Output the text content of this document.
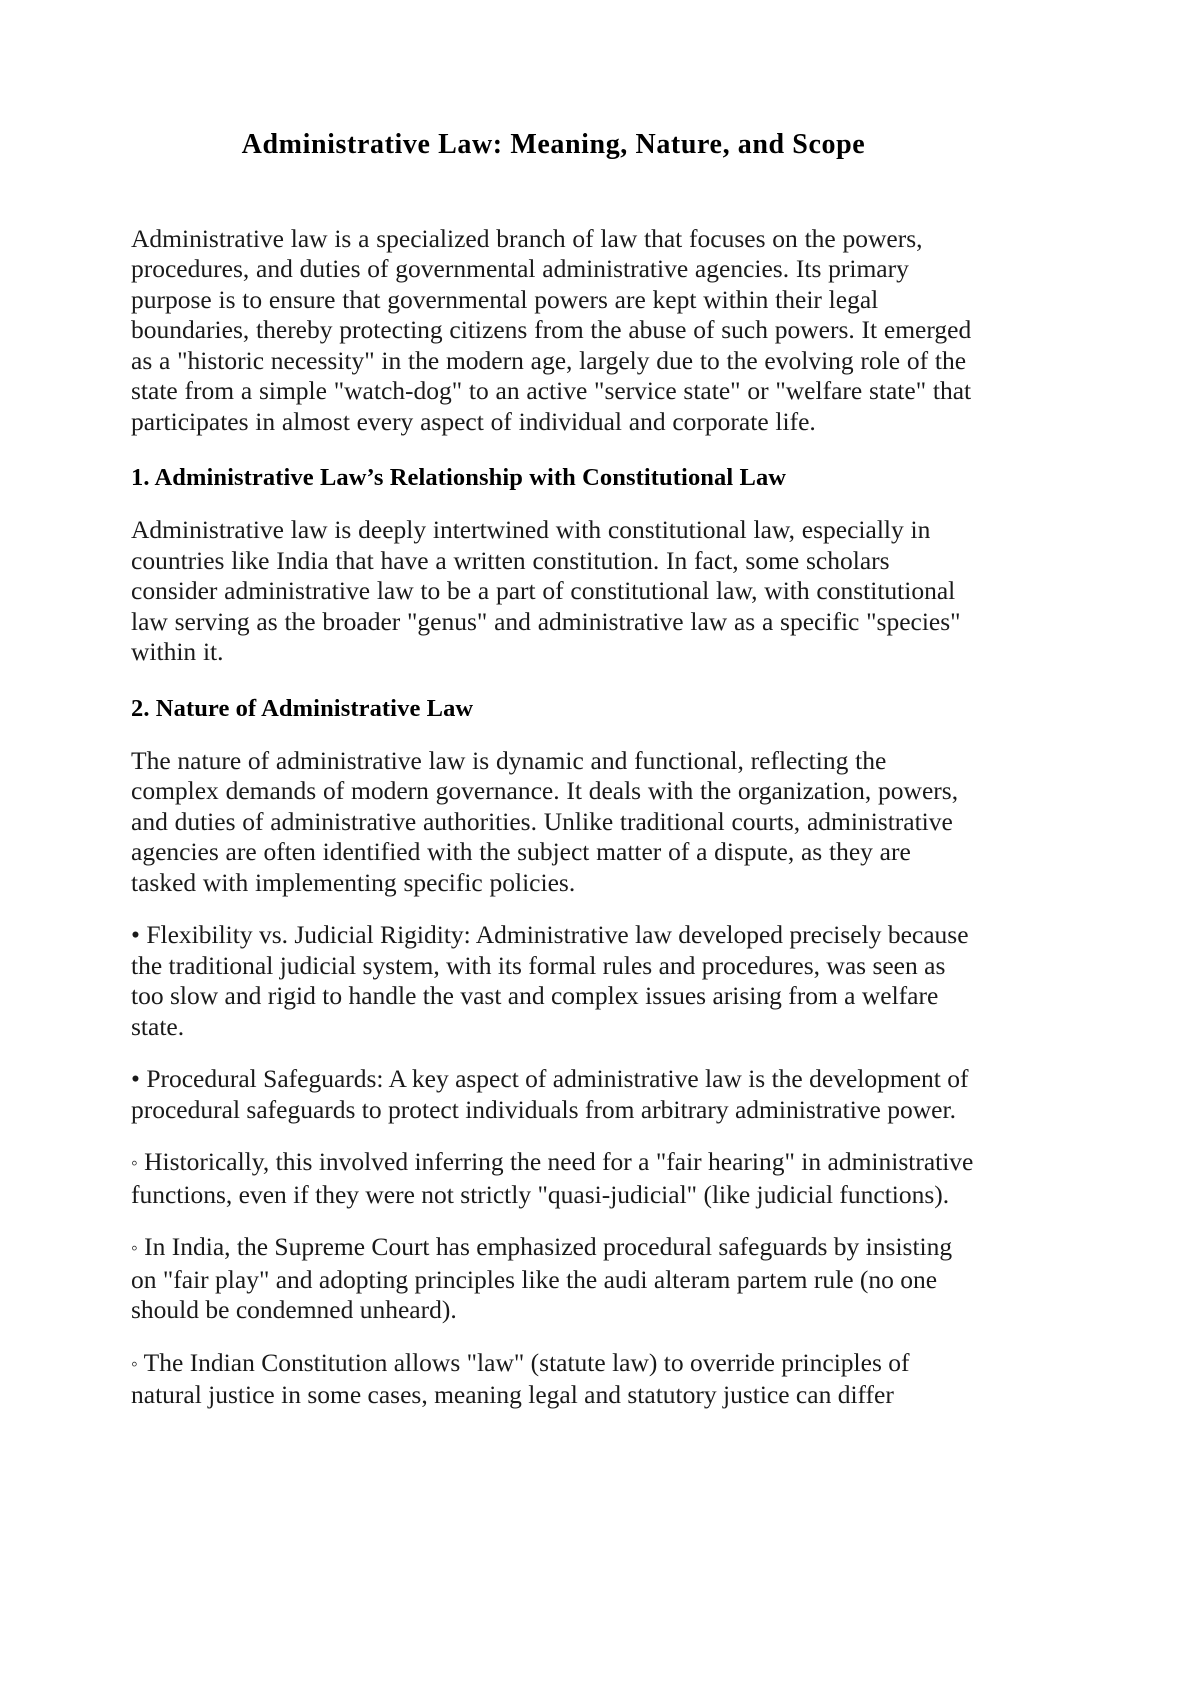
Administrative Law: Meaning, Nature, and Scope

Administrative law is a specialized branch of law that focuses on the powers, procedures, and duties of governmental administrative agencies. Its primary purpose is to ensure that governmental powers are kept within their legal boundaries, thereby protecting citizens from the abuse of such powers. It emerged as a "historic necessity" in the modern age, largely due to the evolving role of the state from a simple "watch-dog" to an active "service state" or "welfare state" that participates in almost every aspect of individual and corporate life.

1. Administrative Law’s Relationship with Constitutional Law

Administrative law is deeply intertwined with constitutional law, especially in countries like India that have a written constitution. In fact, some scholars consider administrative law to be a part of constitutional law, with constitutional law serving as the broader "genus" and administrative law as a specific "species" within it.

2. Nature of Administrative Law

The nature of administrative law is dynamic and functional, reflecting the complex demands of modern governance. It deals with the organization, powers, and duties of administrative authorities. Unlike traditional courts, administrative agencies are often identified with the subject matter of a dispute, as they are tasked with implementing specific policies.

• Flexibility vs. Judicial Rigidity: Administrative law developed precisely because the traditional judicial system, with its formal rules and procedures, was seen as too slow and rigid to handle the vast and complex issues arising from a welfare state.

• Procedural Safeguards: A key aspect of administrative law is the development of procedural safeguards to protect individuals from arbitrary administrative power.

◦ Historically, this involved inferring the need for a "fair hearing" in administrative functions, even if they were not strictly "quasi-judicial" (like judicial functions).

◦ In India, the Supreme Court has emphasized procedural safeguards by insisting on "fair play" and adopting principles like the audi alteram partem rule (no one should be condemned unheard).

◦ The Indian Constitution allows "law" (statute law) to override principles of natural justice in some cases, meaning legal and statutory justice can differ
